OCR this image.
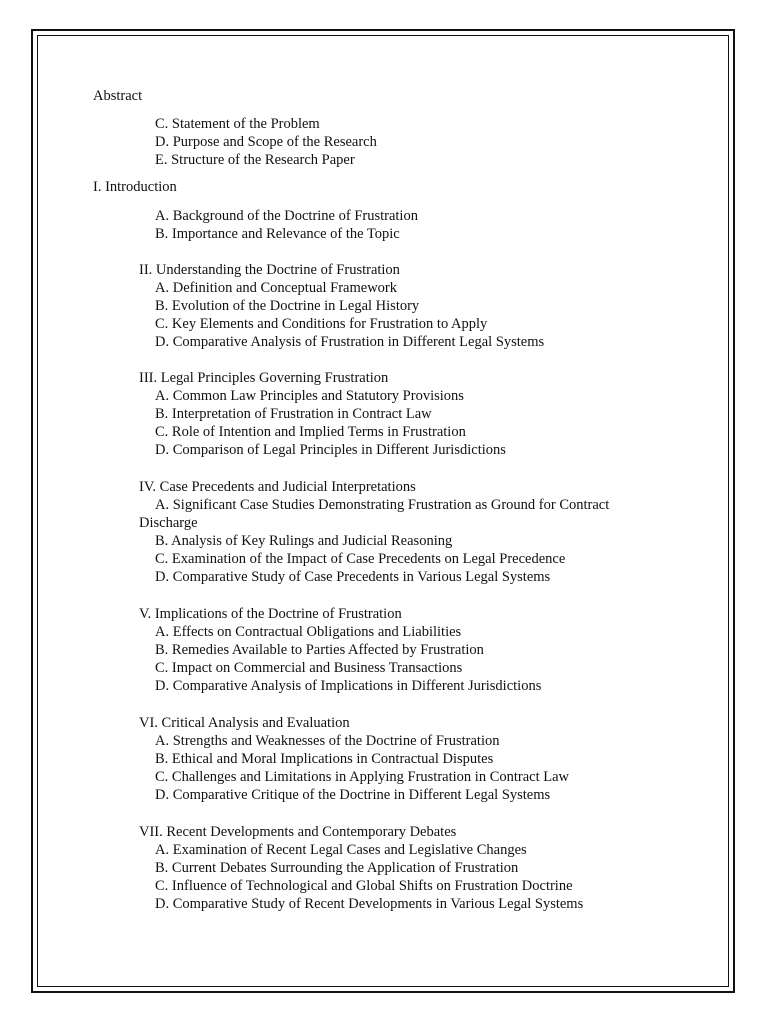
Abstract
C. Statement of the Problem
D. Purpose and Scope of the Research
E. Structure of the Research Paper
I. Introduction
A. Background of the Doctrine of Frustration
B. Importance and Relevance of the Topic
II. Understanding the Doctrine of Frustration
A. Definition and Conceptual Framework
B. Evolution of the Doctrine in Legal History
C. Key Elements and Conditions for Frustration to Apply
D. Comparative Analysis of Frustration in Different Legal Systems
III. Legal Principles Governing Frustration
A. Common Law Principles and Statutory Provisions
B. Interpretation of Frustration in Contract Law
C. Role of Intention and Implied Terms in Frustration
D. Comparison of Legal Principles in Different Jurisdictions
IV. Case Precedents and Judicial Interpretations
A. Significant Case Studies Demonstrating Frustration as Ground for Contract
Discharge
B. Analysis of Key Rulings and Judicial Reasoning
C. Examination of the Impact of Case Precedents on Legal Precedence
D. Comparative Study of Case Precedents in Various Legal Systems
V. Implications of the Doctrine of Frustration
A. Effects on Contractual Obligations and Liabilities
B. Remedies Available to Parties Affected by Frustration
C. Impact on Commercial and Business Transactions
D. Comparative Analysis of Implications in Different Jurisdictions
VI. Critical Analysis and Evaluation
A. Strengths and Weaknesses of the Doctrine of Frustration
B. Ethical and Moral Implications in Contractual Disputes
C. Challenges and Limitations in Applying Frustration in Contract Law
D. Comparative Critique of the Doctrine in Different Legal Systems
VII. Recent Developments and Contemporary Debates
A. Examination of Recent Legal Cases and Legislative Changes
B. Current Debates Surrounding the Application of Frustration
C. Influence of Technological and Global Shifts on Frustration Doctrine
D. Comparative Study of Recent Developments in Various Legal Systems
